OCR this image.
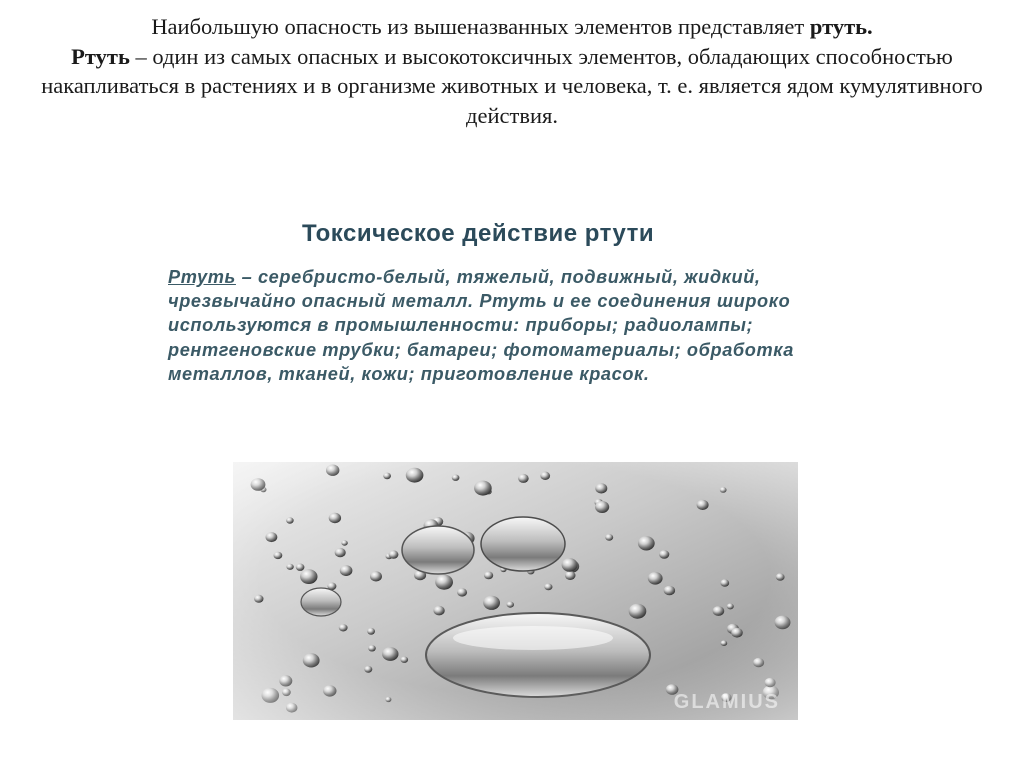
Наибольшую опасность из вышеназванных элементов представляет ртуть.
Ртуть – один из самых опасных и высокотоксичных элементов, обладающих способностью накапливаться в растениях и в организме животных и человека, т. е. является ядом кумулятивного действия.

Токсическое действие ртути

Ртуть – серебристо-белый, тяжелый, подвижный, жидкий, чрезвычайно опасный металл. Ртуть и ее соединения широко используются в промышленности: приборы; радиолампы; рентгеновские трубки; батареи; фотоматериалы; обработка металлов, тканей, кожи; приготовление красок.

GLAMIUS
